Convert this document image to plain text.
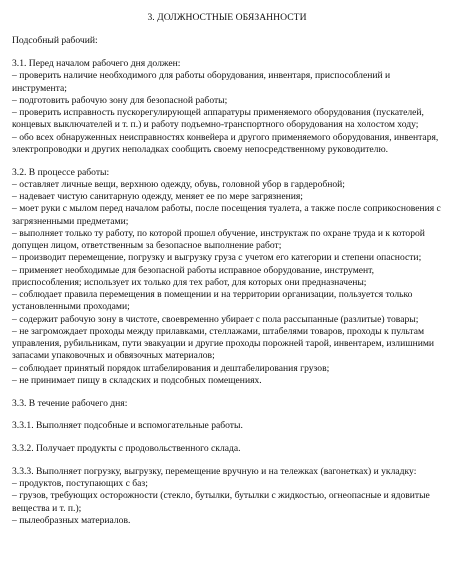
3. ДОЛЖНОСТНЫЕ ОБЯЗАННОСТИ
Подсобный рабочий:
3.1. Перед началом рабочего дня должен:
– проверить наличие необходимого для работы оборудования, инвентаря, приспособлений и инструмента;
– подготовить рабочую зону для безопасной работы;
– проверить исправность пускорегулирующей аппаратуры применяемого оборудования (пускателей, концевых выключателей и т. п.) и работу подъемно-транспортного оборудования на холостом ходу;
– обо всех обнаруженных неисправностях конвейера и другого применяемого оборудования, инвентаря, электропроводки и других неполадках сообщить своему непосредственному руководителю.
3.2. В процессе работы:
– оставляет личные вещи, верхнюю одежду, обувь, головной убор в гардеробной;
– надевает чистую санитарную одежду, меняет ее по мере загрязнения;
– моет руки с мылом перед началом работы, после посещения туалета, а также после соприкосновения с загрязненными предметами;
– выполняет только ту работу, по которой прошел обучение, инструктаж по охране труда и к которой допущен лицом, ответственным за безопасное выполнение работ;
– производит перемещение, погрузку и выгрузку груза с учетом его категории и степени опасности;
– применяет необходимые для безопасной работы исправное оборудование, инструмент, приспособления; использует их только для тех работ, для которых они предназначены;
– соблюдает правила перемещения в помещении и на территории организации, пользуется только установленными проходами;
– содержит рабочую зону в чистоте, своевременно убирает с пола рассыпанные (разлитые) товары;
– не загромождает проходы между прилавками, стеллажами, штабелями товаров, проходы к пультам управления, рубильникам, пути эвакуации и другие проходы порожней тарой, инвентарем, излишними запасами упаковочных и обвязочных материалов;
– соблюдает принятый порядок штабелирования и дештабелирования грузов;
– не принимает пищу в складских и подсобных помещениях.
3.3. В течение рабочего дня:
3.3.1. Выполняет подсобные и вспомогательные работы.
3.3.2. Получает продукты с продовольственного склада.
3.3.3. Выполняет погрузку, выгрузку, перемещение вручную и на тележках (вагонетках) и укладку:
– продуктов, поступающих с баз;
– грузов, требующих осторожности (стекло, бутылки, бутылки с жидкостью, огнеопасные и ядовитые вещества и т. п.);
– пылеобразных материалов.
